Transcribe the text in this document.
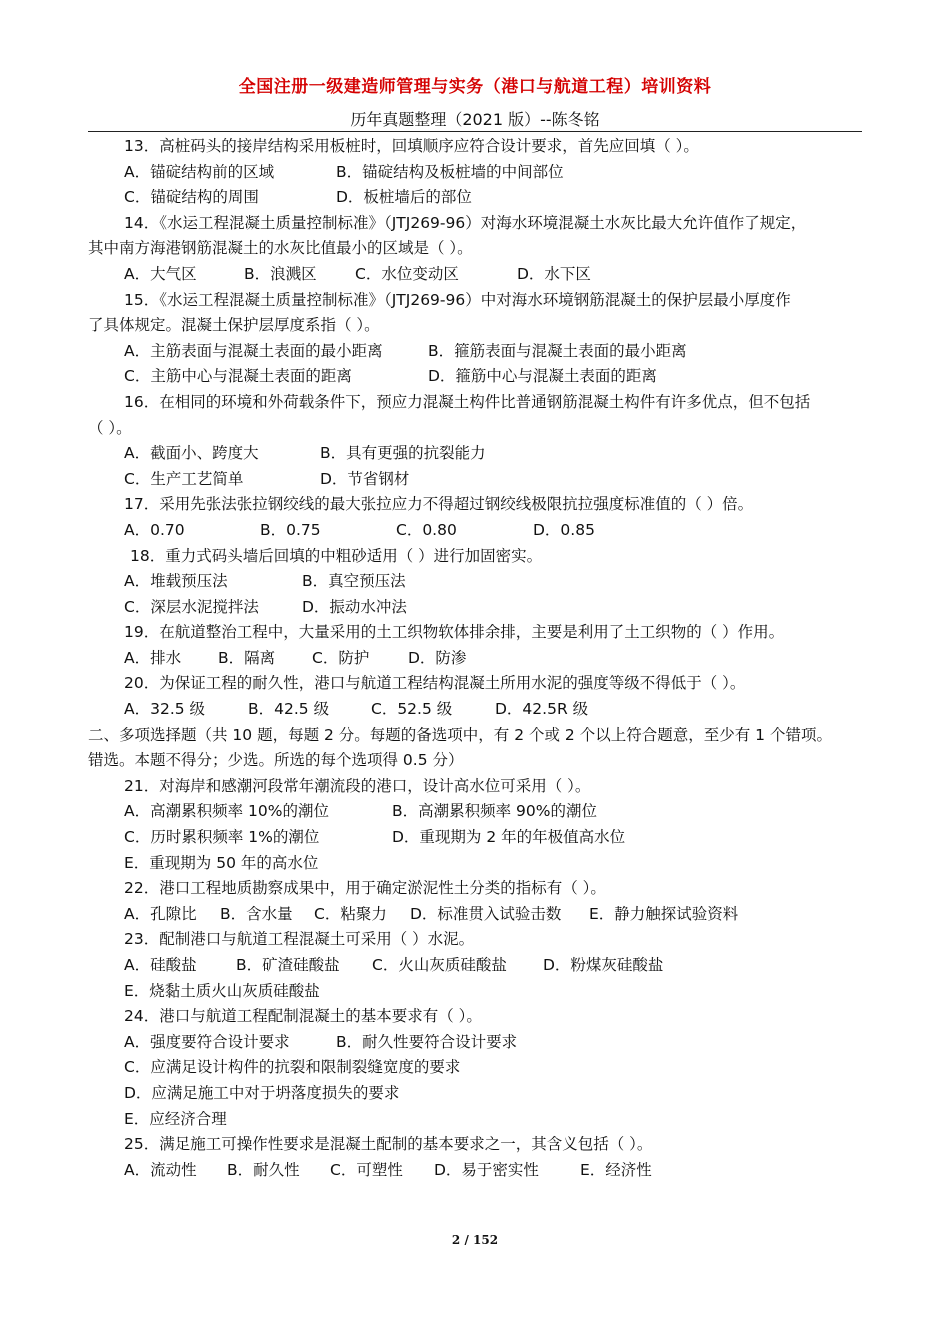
全国注册一级建造师管理与实务（港口与航道工程）培训资料
历年真题整理（2021 版）--陈冬铭
13．高桩码头的接岸结构采用板桩时，回填顺序应符合设计要求，首先应回填（ ）。
A．锚碇结构前的区域	B．锚碇结构及板桩墙的中间部位
C．锚碇结构的周围	D．板桩墙后的部位
14．《水运工程混凝土质量控制标准》（JTJ269-96）对海水环境混凝土水灰比最大允许值作了规定，
其中南方海港钢筋混凝土的水灰比值最小的区域是（ ）。
A．大气区	B．浪溅区 C．水位变动区	D．水下区
15．《水运工程混凝土质量控制标准》（JTJ269-96）中对海水环境钢筋混凝土的保护层最小厚度作
了具体规定。混凝土保护层厚度系指（ ）。
A．主筋表面与混凝土表面的最小距离	B．箍筋表面与混凝土表面的最小距离
C．主筋中心与混凝土表面的距离	D．箍筋中心与混凝土表面的距离
16．在相同的环境和外荷载条件下，预应力混凝土构件比普通钢筋混凝土构件有许多优点，但不包括
（ ）。
A．截面小、跨度大	B．具有更强的抗裂能力
C．生产工艺简单	D．节省钢材
17．采用先张法张拉钢绞线的最大张拉应力不得超过钢绞线极限抗拉强度标准值的（ ）倍。
A．0.70	B．0.75	C．0.80	D．0.85
18．重力式码头墙后回填的中粗砂适用（ ）进行加固密实。
A．堆载预压法	B．真空预压法
C．深层水泥搅拌法	D．振动水冲法
19．在航道整治工程中，大量采用的土工织物软体排余排，主要是利用了土工织物的（ ）作用。
A．排水 B．隔离 C．防护 D．防渗
20．为保证工程的耐久性，港口与航道工程结构混凝土所用水泥的强度等级不得低于（ ）。
A．32.5 级	B．42.5 级	C．52.5 级	D．42.5R 级
二、多项选择题（共 10 题，每题 2 分。每题的备选项中，有 2 个或 2 个以上符合题意，至少有 1 个错项。
错选。本题不得分；少选。所选的每个选项得 0.5 分）
21．对海岸和感潮河段常年潮流段的港口，设计高水位可采用（ ）。
A．高潮累积频率 10%的潮位	B．高潮累积频率 90%的潮位
C．历时累积频率 1%的潮位	D．重现期为 2 年的年极值高水位
E．重现期为 50 年的高水位
22．港口工程地质勘察成果中，用于确定淤泥性土分类的指标有（ ）。
A．孔隙比 B．含水量 C．粘聚力 D．标准贯入试验击数 E．静力触探试验资料
23．配制港口与航道工程混凝土可采用（ ）水泥。
A．硅酸盐	B．矿渣硅酸盐 C．火山灰质硅酸盐 D．粉煤灰硅酸盐
E．烧黏土质火山灰质硅酸盐
24．港口与航道工程配制混凝土的基本要求有（ ）。
A．强度要符合设计要求	B．耐久性要符合设计要求
C．应满足设计构件的抗裂和限制裂缝宽度的要求
D．应满足施工中对于坍落度损失的要求
E．应经济合理
25．满足施工可操作性要求是混凝土配制的基本要求之一，其含义包括（ ）。
A．流动性 B．耐久性 C．可塑性 D．易于密实性	E．经济性
2 / 152
